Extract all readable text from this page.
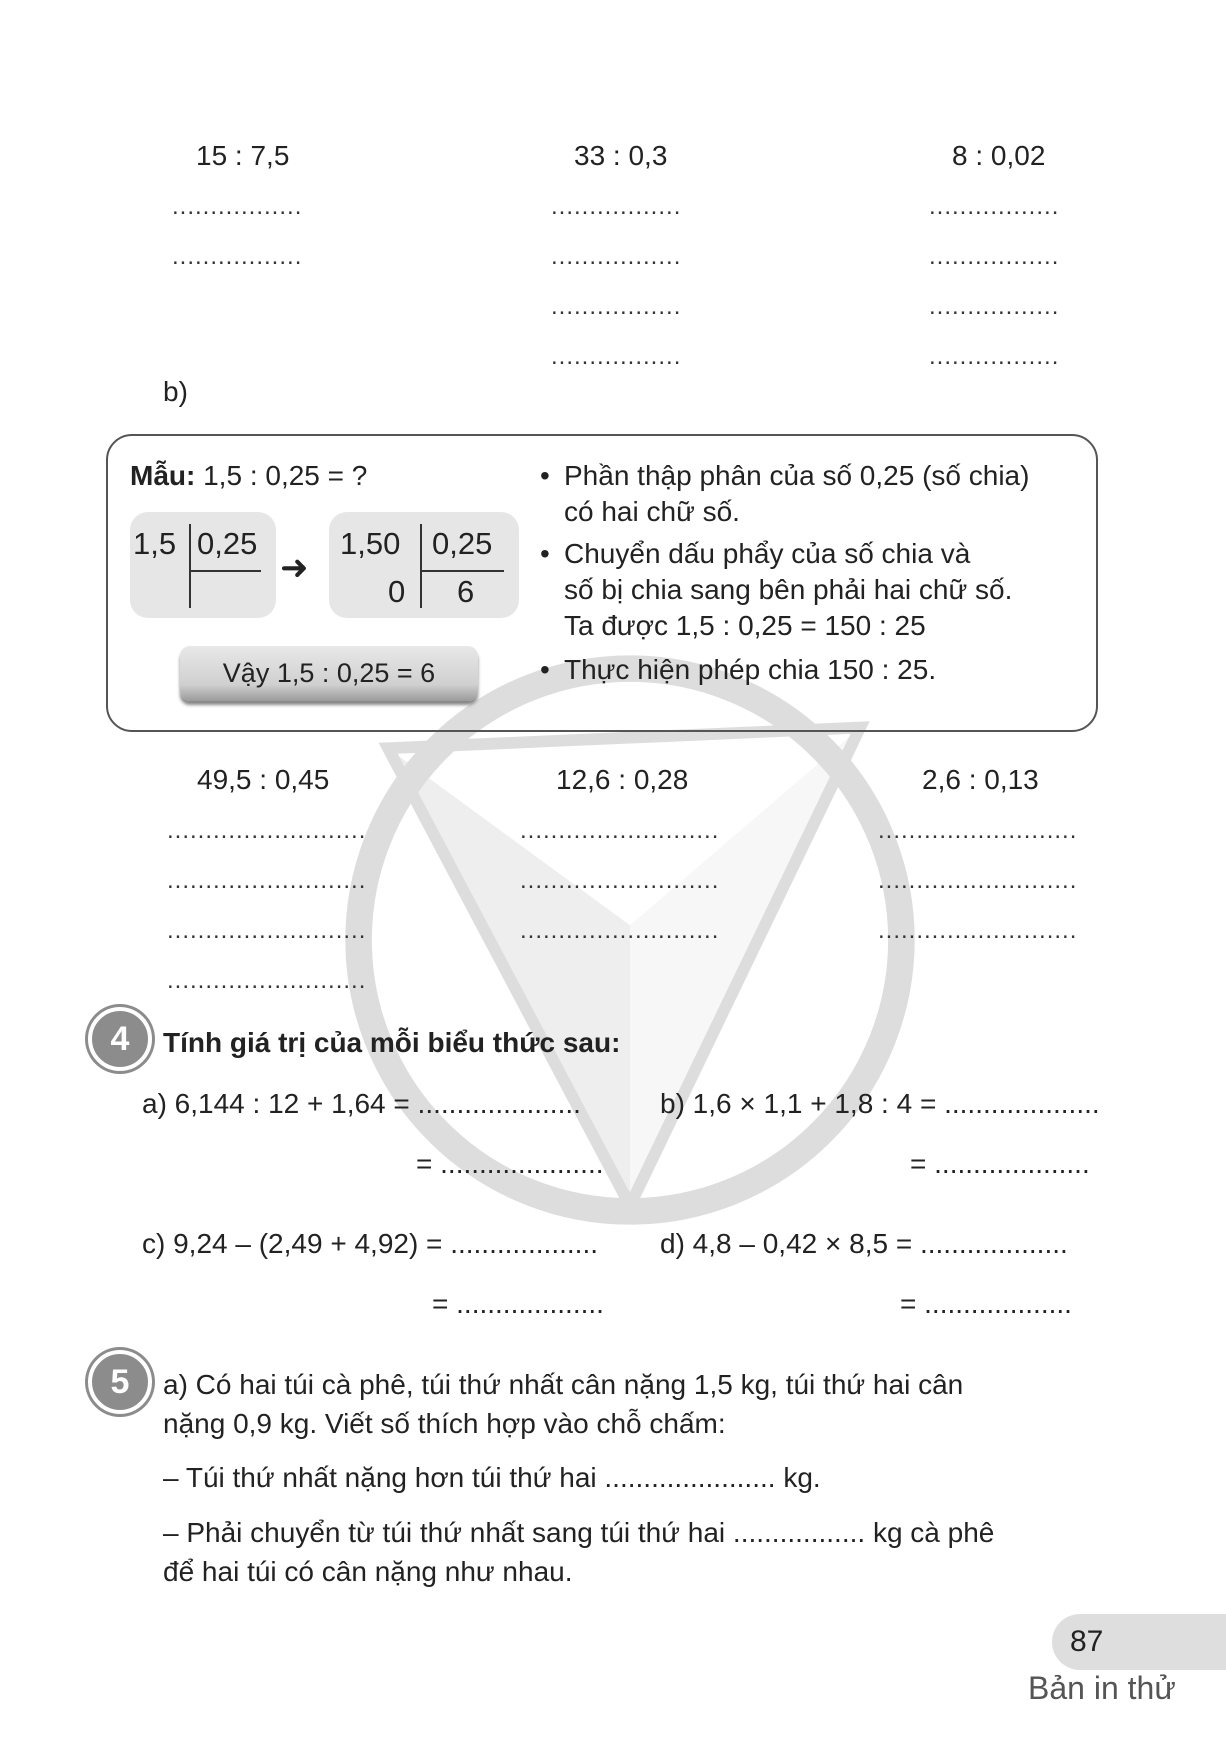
15 : 7,5
.................
.................
33 : 0,3
.................
.................
.................
.................
8 : 0,02
.................
.................
.................
.................
b)
Mẫu: 1,5 : 0,25 = ?
1,5 0,25
➜
1,50 0,25
0 6
Vậy 1,5 : 0,25 = 6
• Phần thập phân của số 0,25 (số chia)
có hai chữ số.
• Chuyển dấu phẩy của số chia và
số bị chia sang bên phải hai chữ số.
Ta được 1,5 : 0,25 = 150 : 25
• Thực hiện phép chia 150 : 25.
49,5 : 0,45
..........................
..........................
..........................
..........................
12,6 : 0,28
..........................
..........................
..........................
2,6 : 0,13
..........................
..........................
..........................
4	Tính giá trị của mỗi biểu thức sau:
a) 6,144 : 12 + 1,64 = .....................
= .....................
b) 1,6 × 1,1 + 1,8 : 4 = ....................
= ....................
c) 9,24 – (2,49 + 4,92) = ...................
= ...................
d) 4,8 – 0,42 × 8,5 = ...................
= ...................
5	a) Có hai túi cà phê, túi thứ nhất cân nặng 1,5 kg, túi thứ hai cân
nặng 0,9 kg. Viết số thích hợp vào chỗ chấm:
– Túi thứ nhất nặng hơn túi thứ hai ...................... kg.
– Phải chuyển từ túi thứ nhất sang túi thứ hai ................. kg cà phê
để hai túi có cân nặng như nhau.
87
Bản in thử
